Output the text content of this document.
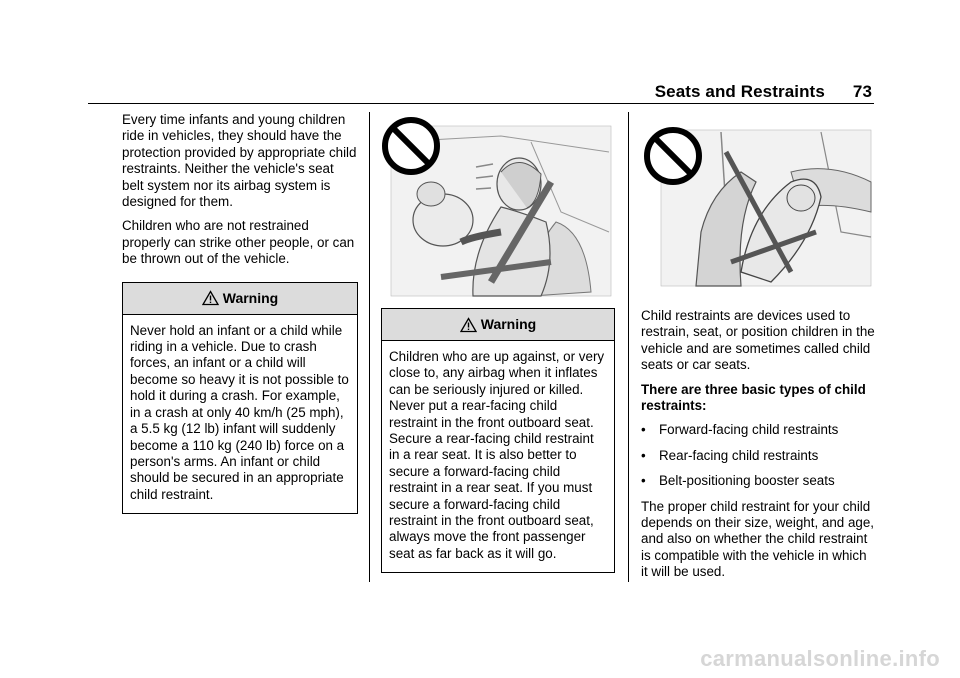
Seats and Restraints 73

Every time infants and young children ride in vehicles, they should have the protection provided by appropriate child restraints. Neither the vehicle's seat belt system nor its airbag system is designed for them.

Children who are not restrained properly can strike other people, or can be thrown out of the vehicle.

Warning
Never hold an infant or a child while riding in a vehicle. Due to crash forces, an infant or a child will become so heavy it is not possible to hold it during a crash. For example, in a crash at only 40 km/h (25 mph), a 5.5 kg (12 lb) infant will suddenly become a 110 kg (240 lb) force on a person's arms. An infant or child should be secured in an appropriate child restraint.
Warning
Children who are up against, or very close to, any airbag when it inflates can be seriously injured or killed. Never put a rear-facing child restraint in the front outboard seat. Secure a rear-facing child restraint in a rear seat. It is also better to secure a forward-facing child restraint in a rear seat. If you must secure a forward-facing child restraint in the front outboard seat, always move the front passenger seat as far back as it will go.

Child restraints are devices used to restrain, seat, or position children in the vehicle and are sometimes called child seats or car seats.

There are three basic types of child restraints:

• Forward-facing child restraints
• Rear-facing child restraints
• Belt-positioning booster seats

The proper child restraint for your child depends on their size, weight, and age, and also on whether the child restraint is compatible with the vehicle in which it will be used.

carmanualsonline.info
